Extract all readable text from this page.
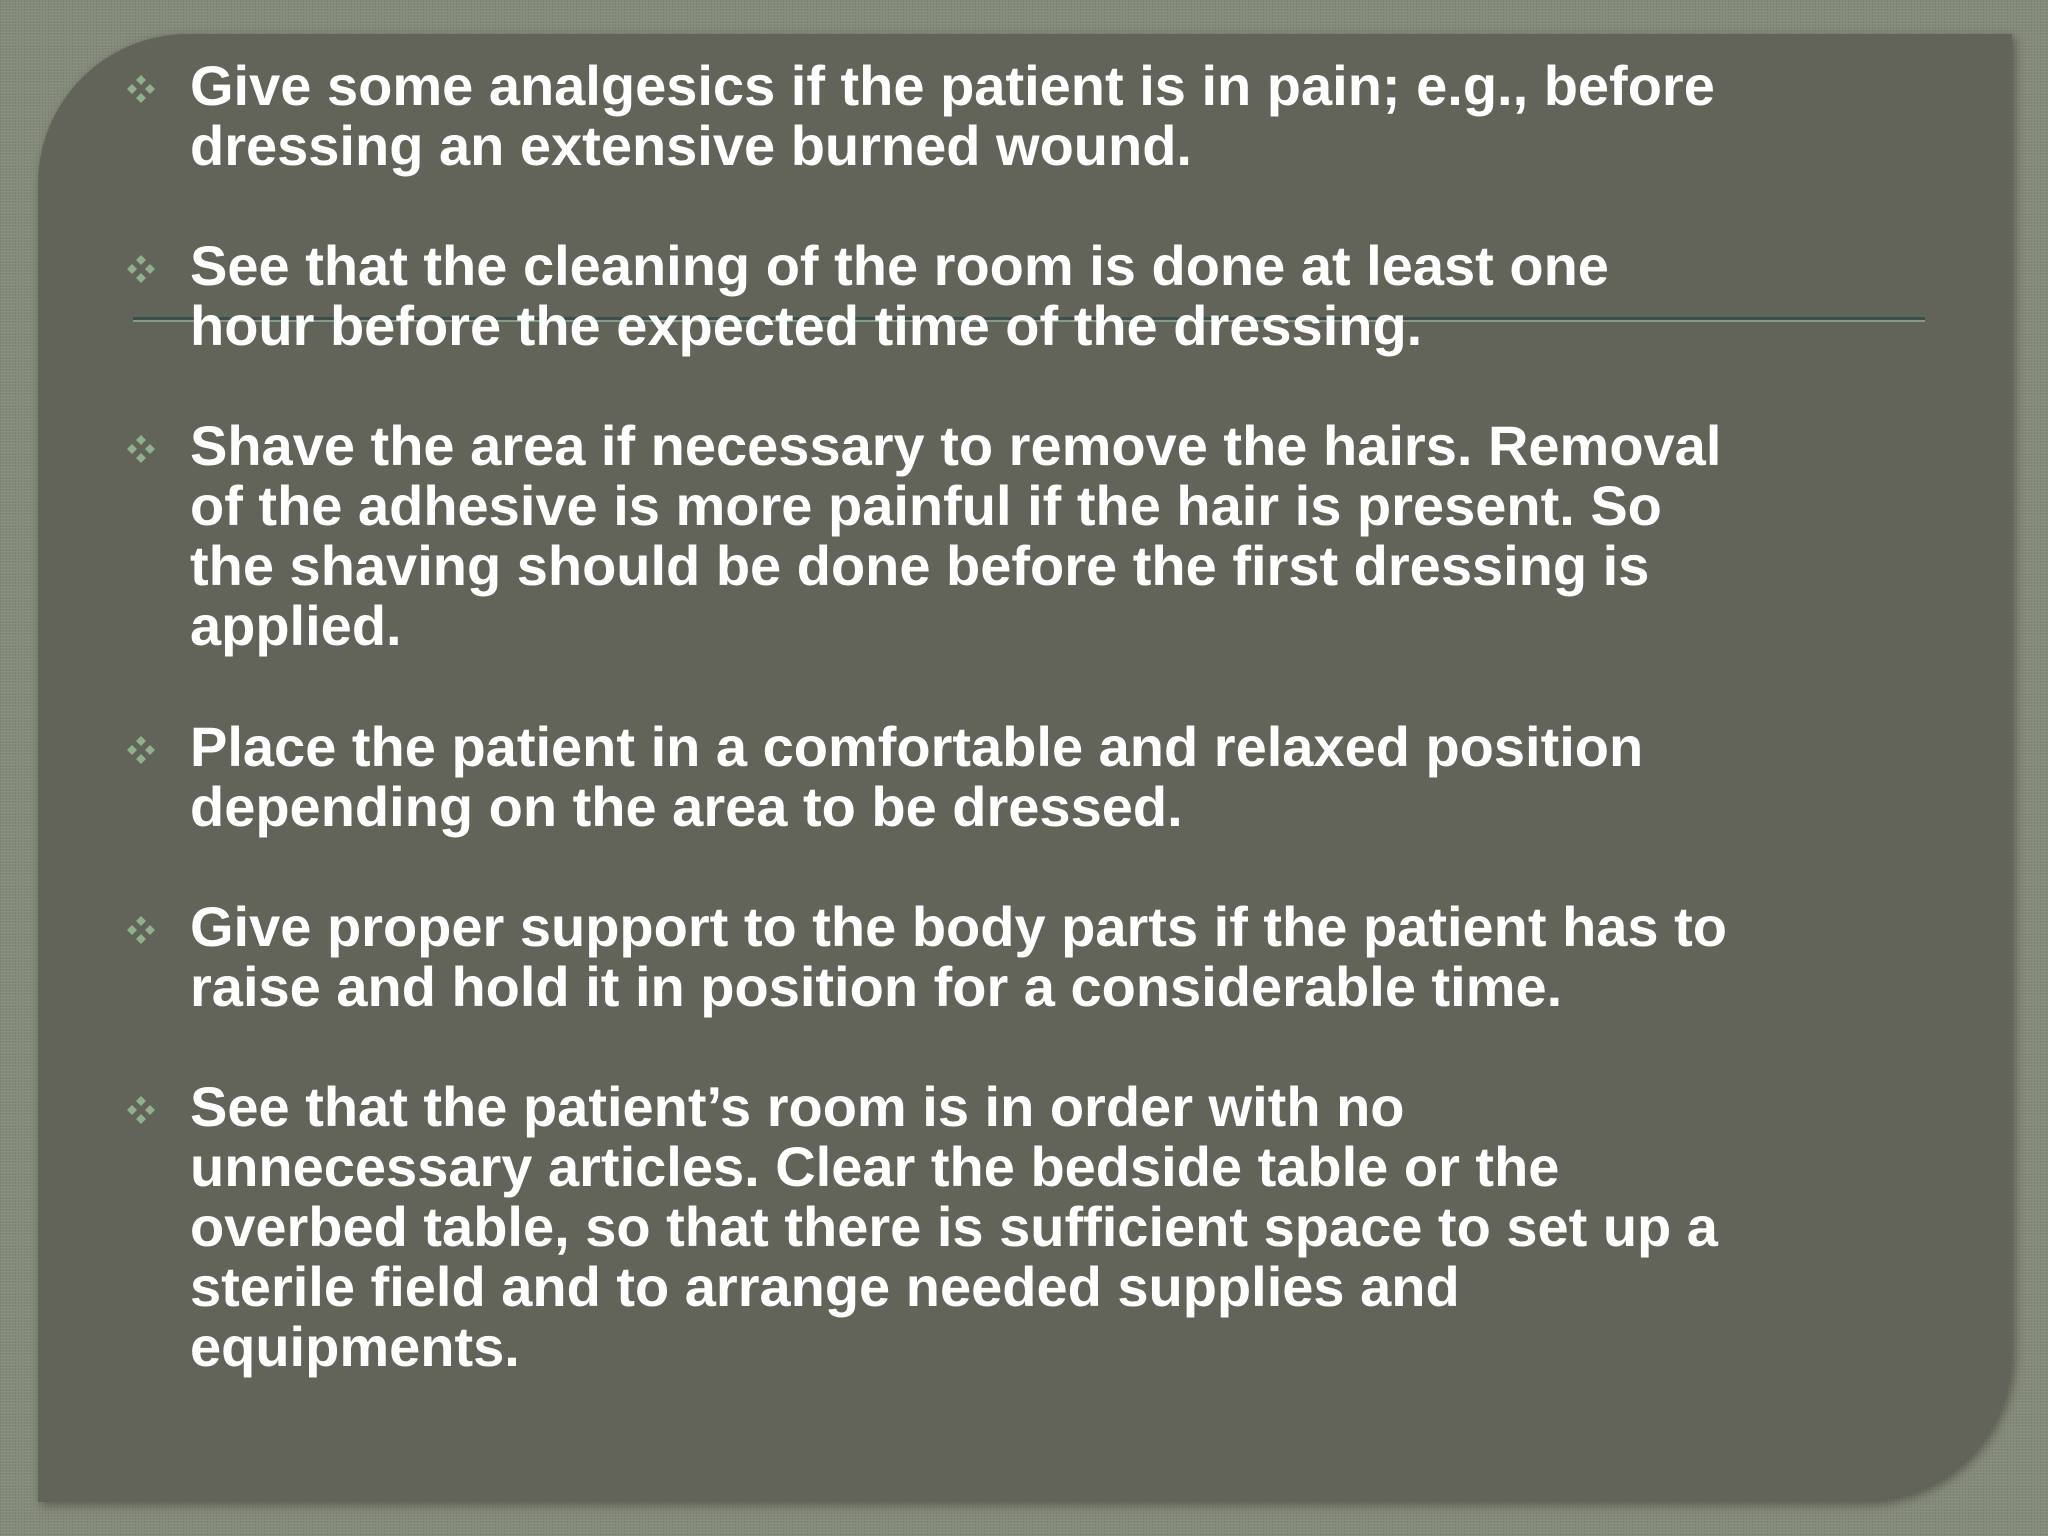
Give some analgesics if the patient is in pain; e.g., before
dressing an extensive burned wound.

See that the cleaning of the room is done at least one
hour before the expected time of the dressing.

Shave the area if necessary to remove the hairs. Removal
of the adhesive is more painful if the hair is present. So
the shaving should be done before the first dressing is
applied.

Place the patient in a comfortable and relaxed position
depending on the area to be dressed.

Give proper support to the body parts if the patient has to
raise and hold it in position for a considerable time.

See that the patient’s room is in order with no
unnecessary articles. Clear the bedside table or the
overbed table, so that there is sufficient space to set up a
sterile field and to arrange needed supplies and
equipments.
